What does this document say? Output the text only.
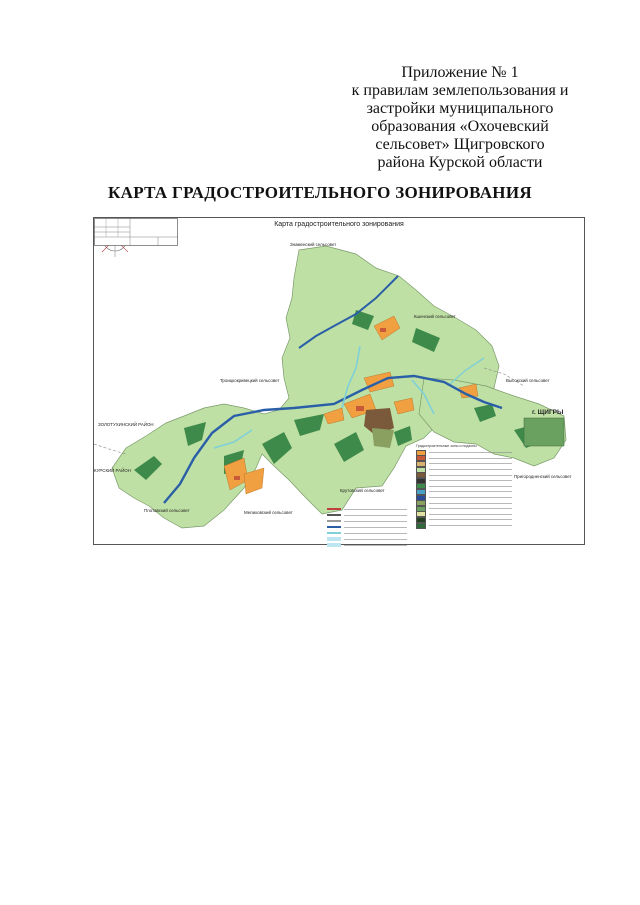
Приложение № 1
к правилам землепользования и
застройки муниципального
образования «Охочевский
сельсовет» Щигровского
района Курской области
КАРТА ГРАДОСТРОИТЕЛЬНОГО ЗОНИРОВАНИЯ
Карта градостроительного зонирования
Знаменский сельсовет
Троицкокривецкий сельсовет
Кшенский сельсовет
Высокский сельсовет
г. ЩИГРЫ
ЗОЛОТУХИНСКИЙ РАЙОН
КУРСКИЙ РАЙОН
Плотавский сельсовет	Мелиховский сельсовет
Крутовский сельсовет
Пригородненский сельсовет
Градостроительные зоны и подзоны
